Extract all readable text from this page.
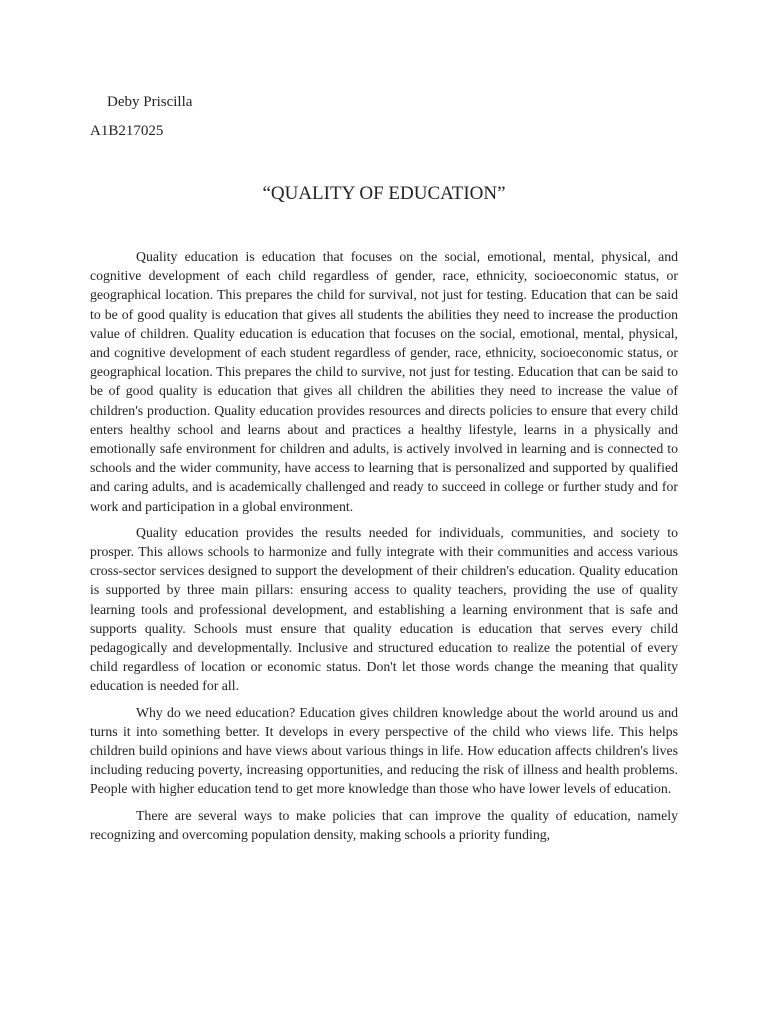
Deby Priscilla
A1B217025
“QUALITY OF EDUCATION”

Quality education is education that focuses on the social, emotional, mental, physical, and cognitive development of each child regardless of gender, race, ethnicity, socioeconomic status, or geographical location. This prepares the child for survival, not just for testing. Education that can be said to be of good quality is education that gives all students the abilities they need to increase the production value of children. Quality education is education that focuses on the social, emotional, mental, physical, and cognitive development of each student regardless of gender, race, ethnicity, socioeconomic status, or geographical location. This prepares the child to survive, not just for testing. Education that can be said to be of good quality is education that gives all children the abilities they need to increase the value of children's production. Quality education provides resources and directs policies to ensure that every child enters healthy school and learns about and practices a healthy lifestyle, learns in a physically and emotionally safe environment for children and adults, is actively involved in learning and is connected to schools and the wider community, have access to learning that is personalized and supported by qualified and caring adults, and is academically challenged and ready to succeed in college or further study and for work and participation in a global environment.

Quality education provides the results needed for individuals, communities, and society to prosper. This allows schools to harmonize and fully integrate with their communities and access various cross-sector services designed to support the development of their children's education. Quality education is supported by three main pillars: ensuring access to quality teachers, providing the use of quality learning tools and professional development, and establishing a learning environment that is safe and supports quality. Schools must ensure that quality education is education that serves every child pedagogically and developmentally. Inclusive and structured education to realize the potential of every child regardless of location or economic status. Don't let those words change the meaning that quality education is needed for all.

Why do we need education? Education gives children knowledge about the world around us and turns it into something better. It develops in every perspective of the child who views life. This helps children build opinions and have views about various things in life. How education affects children's lives including reducing poverty, increasing opportunities, and reducing the risk of illness and health problems. People with higher education tend to get more knowledge than those who have lower levels of education.

There are several ways to make policies that can improve the quality of education, namely recognizing and overcoming population density, making schools a priority funding,
